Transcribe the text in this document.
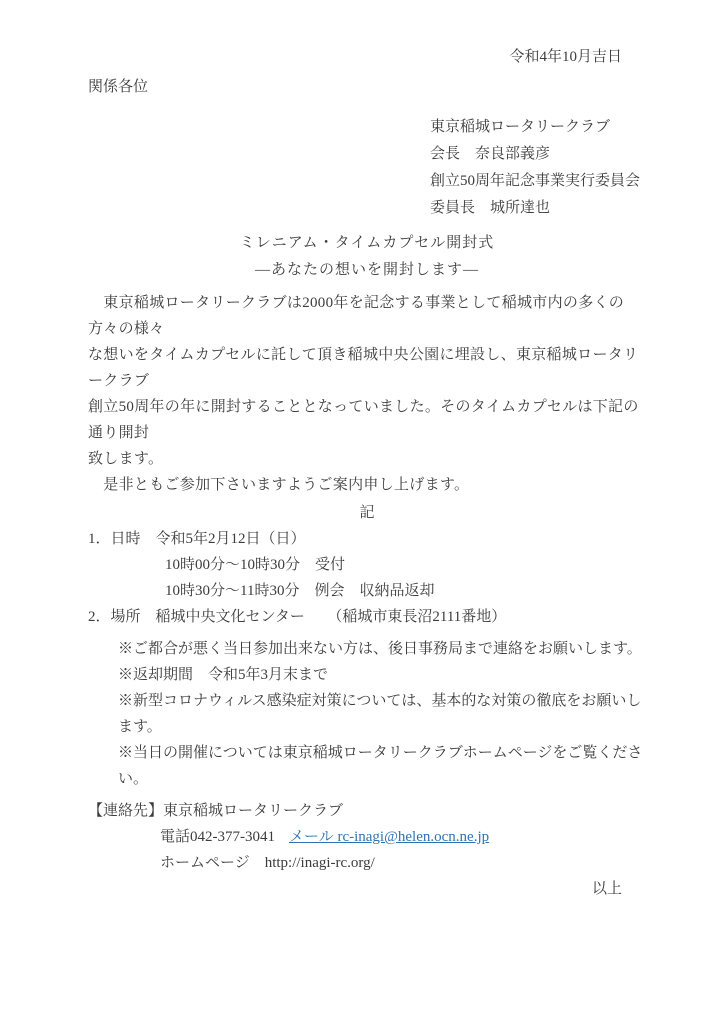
令和4年10月吉日
関係各位
東京稲城ロータリークラブ
会長　奈良部義彦
創立50周年記念事業実行委員会
委員長　城所達也
ミレニアム・タイムカプセル開封式
―あなたの想いを開封します―
　東京稲城ロータリークラブは2000年を記念する事業として稲城市内の多くの方々の様々
な想いをタイムカプセルに託して頂き稲城中央公園に埋設し、東京稲城ロータリークラブ
創立50周年の年に開封することとなっていました。そのタイムカプセルは下記の通り開封
致します。
　是非ともご参加下さいますようご案内申し上げます。
記
1．日時　令和5年2月12日（日）
10時00分～10時30分　受付
10時30分～11時30分　例会　収納品返却
2．場所　稲城中央文化センター　　（稲城市東長沼2111番地）
※ご都合が悪く当日参加出来ない方は、後日事務局まで連絡をお願いします。
※返却期間　令和5年3月末まで
※新型コロナウィルス感染症対策については、基本的な対策の徹底をお願いします。
※当日の開催については東京稲城ロータリークラブホームページをご覧ください。
【連絡先】東京稲城ロータリークラブ
電話042-377-3041 メール rc-inagi@helen.ocn.ne.jp
ホームページ　http://inagi-rc.org/
以上
